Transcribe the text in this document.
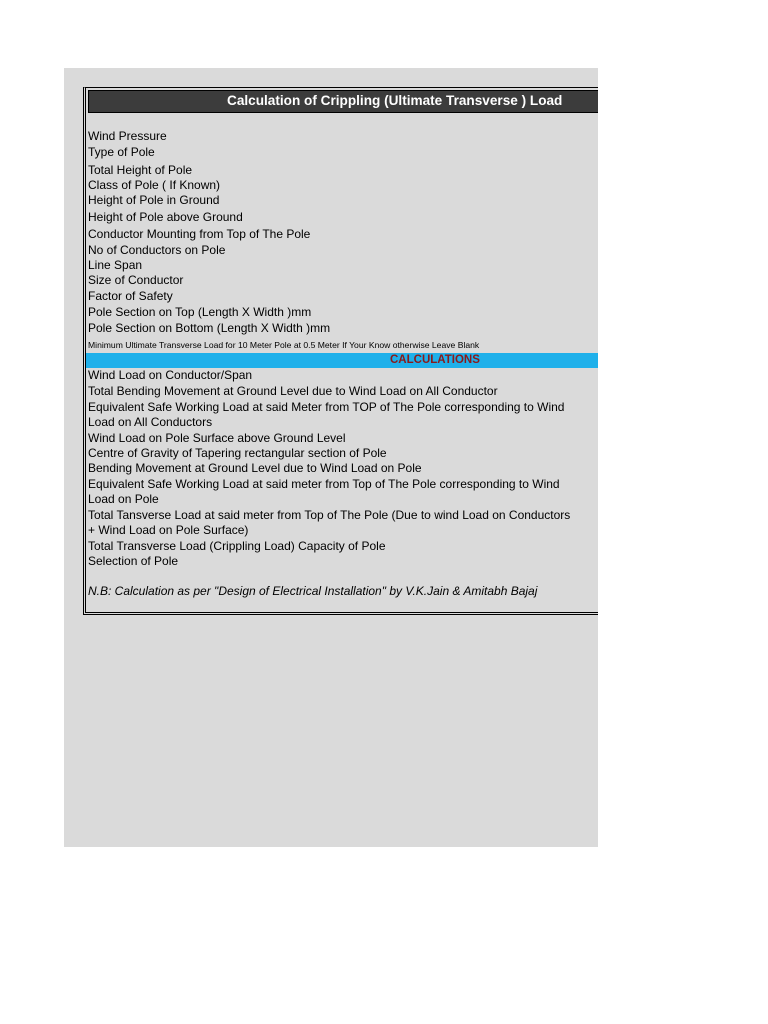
Calculation of Crippling (Ultimate Transverse ) Load
Wind Pressure
Type of Pole
Total Height of Pole
Class of Pole ( If Known)
Height of Pole in Ground
Height of Pole above Ground
Conductor Mounting from Top of The Pole
No of Conductors on Pole
Line Span
Size of Conductor
Factor of Safety
Pole Section on Top (Length X Width )mm
Pole Section on Bottom (Length X Width )mm
Minimum Ultimate Transverse Load for 10 Meter Pole at 0.5 Meter If Your Know otherwise Leave Blank
CALCULATIONS
Wind Load on Conductor/Span
Total Bending Movement at Ground Level due to Wind Load on All Conductor
Equivalent Safe Working Load at said Meter from TOP of The Pole corresponding to Wind
Load on All Conductors
Wind Load on Pole Surface above Ground Level
Centre of Gravity of Tapering rectangular section of Pole
Bending Movement at Ground Level due to Wind Load on Pole
Equivalent Safe Working Load at said meter from Top of The Pole corresponding to Wind
Load on Pole
Total Tansverse Load at said meter from Top of The Pole (Due to wind Load on Conductors
+ Wind Load on Pole Surface)
Total Transverse Load (Crippling Load) Capacity of Pole
Selection of Pole
N.B: Calculation as per "Design of Electrical Installation" by V.K.Jain & Amitabh Bajaj
